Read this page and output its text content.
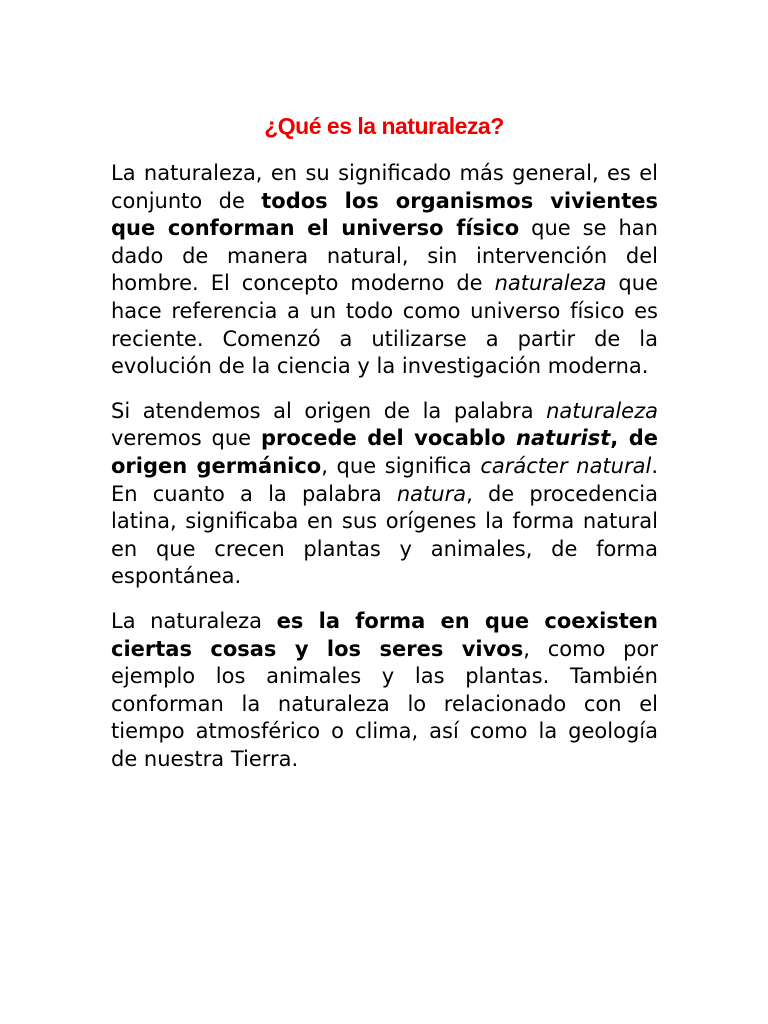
¿Qué es la naturaleza?

La naturaleza, en su significado más general, es el conjunto de todos los organismos vivientes que conforman el universo físico que se han dado de manera natural, sin intervención del hombre. El concepto moderno de naturaleza que hace referencia a un todo como universo físico es reciente. Comenzó a utilizarse a partir de la evolución de la ciencia y la investigación moderna.

Si atendemos al origen de la palabra naturaleza veremos que procede del vocablo naturist, de origen germánico, que significa carácter natural. En cuanto a la palabra natura, de procedencia latina, significaba en sus orígenes la forma natural en que crecen plantas y animales, de forma espontánea.

La naturaleza es la forma en que coexisten ciertas cosas y los seres vivos, como por ejemplo los animales y las plantas. También conforman la naturaleza lo relacionado con el tiempo atmosférico o clima, así como la geología de nuestra Tierra.
